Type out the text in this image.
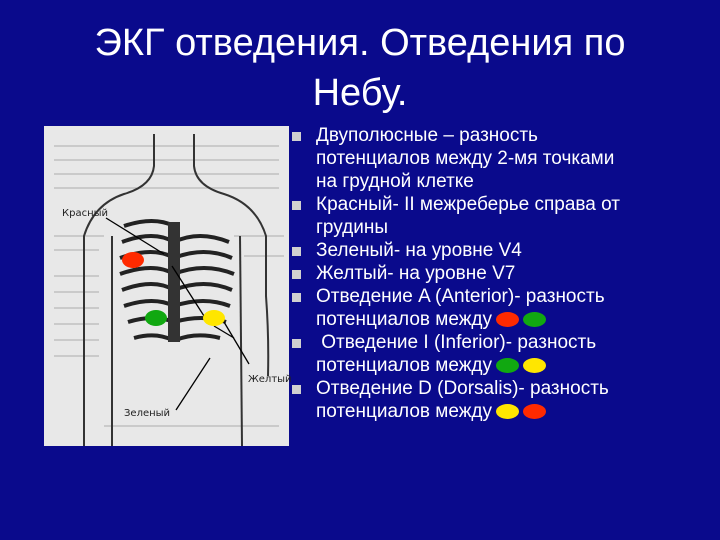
ЭКГ отведения. Отведения по
Небу.
Красный
Желтый
Зеленый
Двуполюсные – разность
потенциалов между 2-мя точками
на грудной клетке
Красный- II межреберье справа от
грудины
Зеленый- на уровне V4
Желтый- на уровне V7
Отведение A (Anterior)- разность
потенциалов между
Отведение I (Inferior)- разность
потенциалов между
Отведение D (Dorsalis)- разность
потенциалов между
